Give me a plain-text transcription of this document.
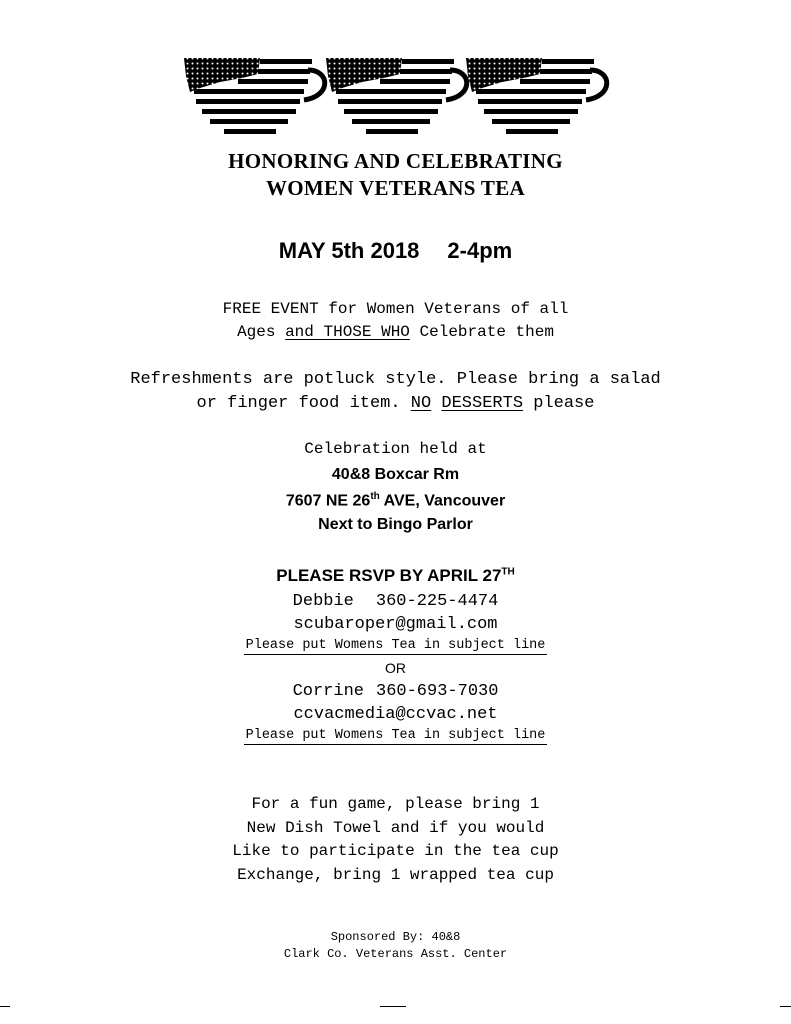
HONORING AND CELEBRATING
WOMEN VETERANS TEA
MAY 5th 2018 2-4pm
FREE EVENT for Women Veterans of all
Ages and THOSE WHO Celebrate them
Refreshments are potluck style. Please bring a salad
or finger food item. NO DESSERTS please
Celebration held at
40&8 Boxcar Rm
7607 NE 26th AVE, Vancouver
Next to Bingo Parlor
PLEASE RSVP BY APRIL 27TH
Debbie 360-225-4474
scubaroper@gmail.com
Please put Womens Tea in subject line
OR
Corrine 360-693-7030
ccvacmedia@ccvac.net
Please put Womens Tea in subject line
For a fun game, please bring 1
New Dish Towel and if you would
Like to participate in the tea cup
Exchange, bring 1 wrapped tea cup
Sponsored By: 40&8
Clark Co. Veterans Asst. Center
